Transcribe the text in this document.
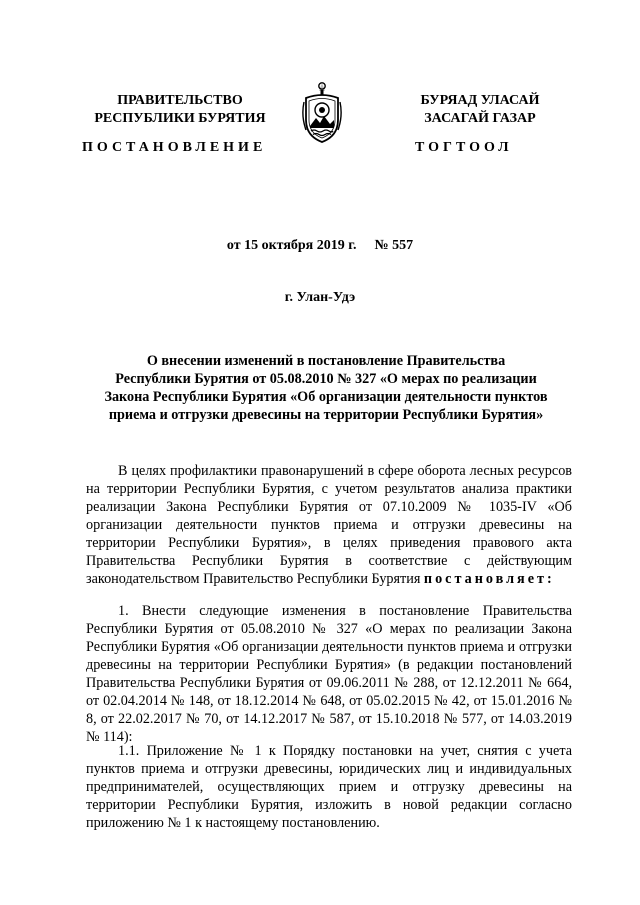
ПРАВИТЕЛЬСТВО
РЕСПУБЛИКИ БУРЯТИЯ
БУРЯАД УЛАСАЙ
ЗАСАГАЙ ГАЗАР
ПОСТАНОВЛЕНИЕ	ТОГТООЛ
от 15 октября 2019 г. № 557
г. Улан-Удэ
О внесении изменений в постановление Правительства
Республики Бурятия от 05.08.2010 № 327 «О мерах по реализации
Закона Республики Бурятия «Об организации деятельности пунктов
приема и отгрузки древесины на территории Республики Бурятия»

В целях профилактики правонарушений в сфере оборота лесных ресурсов на территории Республики Бурятия, с учетом результатов анализа практики реализации Закона Республики Бурятия от 07.10.2009 № 1035-IV «Об организации деятельности пунктов приема и отгрузки древесины на территории Республики Бурятия», в целях приведения правового акта Правительства Республики Бурятия в соответствие с действующим законодательством Правительство Республики Бурятия постановляет:

1. Внести следующие изменения в постановление Правительства Республики Бурятия от 05.08.2010 № 327 «О мерах по реализации Закона Республики Бурятия «Об организации деятельности пунктов приема и отгрузки древесины на территории Республики Бурятия» (в редакции постановлений Правительства Республики Бурятия от 09.06.2011 № 288, от 12.12.2011 № 664, от 02.04.2014 № 148, от 18.12.2014 № 648, от 05.02.2015 № 42, от 15.01.2016 № 8, от 22.02.2017 № 70, от 14.12.2017 № 587, от 15.10.2018 № 577, от 14.03.2019 № 114):

1.1. Приложение № 1 к Порядку постановки на учет, снятия с учета пунктов приема и отгрузки древесины, юридических лиц и индивидуальных предпринимателей, осуществляющих прием и отгрузку древесины на территории Республики Бурятия, изложить в новой редакции согласно приложению № 1 к настоящему постановлению.
